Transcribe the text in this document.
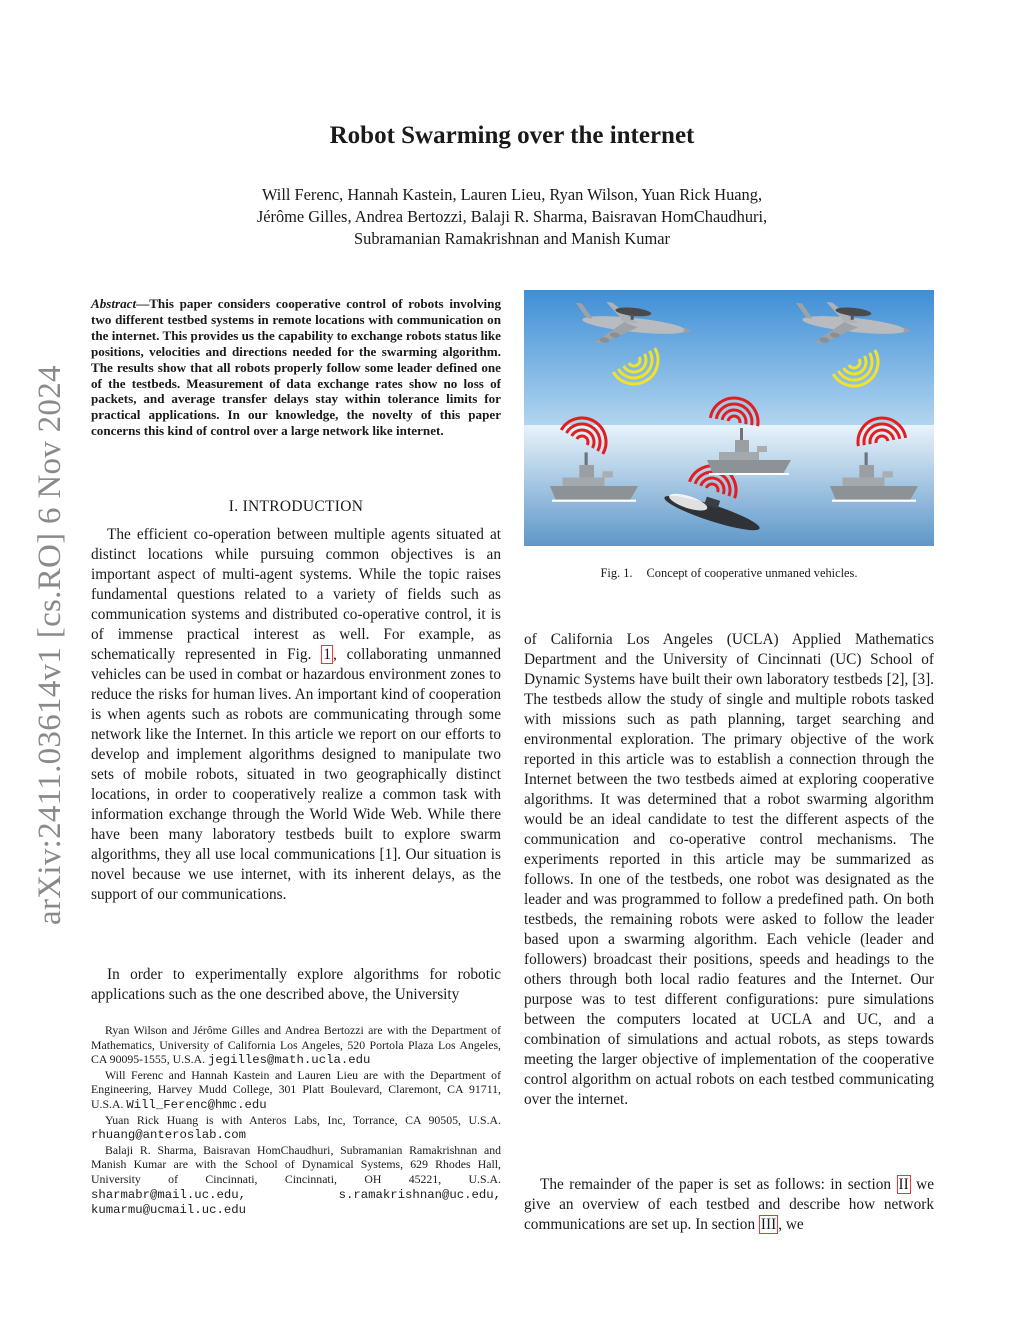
arXiv:2411.03614v1 [cs.RO] 6 Nov 2024
Robot Swarming over the internet
Will Ferenc, Hannah Kastein, Lauren Lieu, Ryan Wilson, Yuan Rick Huang,
Jérôme Gilles, Andrea Bertozzi, Balaji R. Sharma, Baisravan HomChaudhuri,
Subramanian Ramakrishnan and Manish Kumar
Abstract—This paper considers cooperative control of robots involving two different testbed systems in remote locations with communication on the internet. This provides us the capability to exchange robots status like positions, velocities and directions needed for the swarming algorithm. The results show that all robots properly follow some leader defined one of the testbeds. Measurement of data exchange rates show no loss of packets, and average transfer delays stay within tolerance limits for practical applications. In our knowledge, the novelty of this paper concerns this kind of control over a large network like internet.
I. INTRODUCTION
The efficient co-operation between multiple agents situated at distinct locations while pursuing common objectives is an important aspect of multi-agent systems. While the topic raises fundamental questions related to a variety of fields such as communication systems and distributed co-operative control, it is of immense practical interest as well. For example, as schematically represented in Fig. 1 , collaborating unmanned vehicles can be used in combat or hazardous environment zones to reduce the risks for human lives. An important kind of cooperation is when agents such as robots are communicating through some network like the Internet. In this article we report on our efforts to develop and implement algorithms designed to manipulate two sets of mobile robots, situated in two geographically distinct locations, in order to cooperatively realize a common task with information exchange through the World Wide Web. While there have been many laboratory testbeds built to explore swarm algorithms, they all use local communications [1]. Our situation is novel because we use internet, with its inherent delays, as the support of our communications.
In order to experimentally explore algorithms for robotic applications such as the one described above, the University

Ryan Wilson and Jérôme Gilles and Andrea Bertozzi are with the Department of Mathematics, University of California Los Angeles, 520 Portola Plaza Los Angeles, CA 90095-1555, U.S.A. jegilles@math.ucla.edu

Will Ferenc and Hannah Kastein and Lauren Lieu are with the Department of Engineering, Harvey Mudd College, 301 Platt Boulevard, Claremont, CA 91711, U.S.A. Will_Ferenc@hmc.edu

Yuan Rick Huang is with Anteros Labs, Inc, Torrance, CA 90505, U.S.A. rhuang@anteroslab.com

Balaji R. Sharma, Baisravan HomChaudhuri, Subramanian Ramakrishnan and Manish Kumar are with the School of Dynamical Systems, 629 Rhodes Hall, University of Cincinnati, Cincinnati, OH 45221, U.S.A. sharmabr@mail.uc.edu, s.ramakrishnan@uc.edu, kumarmu@ucmail.uc.edu

Fig. 1. Concept of cooperative unmaned vehicles.
of California Los Angeles (UCLA) Applied Mathematics Department and the University of Cincinnati (UC) School of Dynamic Systems have built their own laboratory testbeds [2], [3]. The testbeds allow the study of single and multiple robots tasked with missions such as path planning, target searching and environmental exploration. The primary objective of the work reported in this article was to establish a connection through the Internet between the two testbeds aimed at exploring cooperative algorithms. It was determined that a robot swarming algorithm would be an ideal candidate to test the different aspects of the communication and co-operative control mechanisms. The experiments reported in this article may be summarized as follows. In one of the testbeds, one robot was designated as the leader and was programmed to follow a predefined path. On both testbeds, the remaining robots were asked to follow the leader based upon a swarming algorithm. Each vehicle (leader and followers) broadcast their positions, speeds and headings to the others through both local radio features and the Internet. Our purpose was to test different configurations: pure simulations between the computers located at UCLA and UC, and a combination of simulations and actual robots, as steps towards meeting the larger objective of implementation of the cooperative control algorithm on actual robots on each testbed communicating over the internet.
The remainder of the paper is set as follows: in section II we give an overview of each testbed and describe how network communications are set up. In section III , we
